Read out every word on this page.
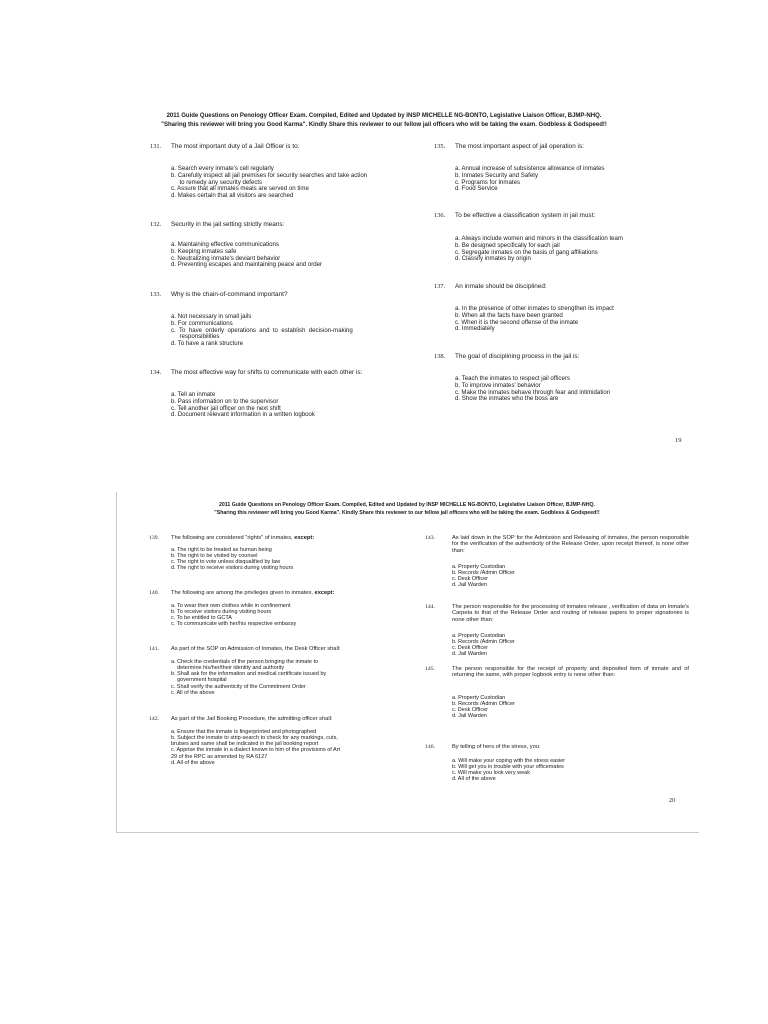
2011 Guide Questions on Penology Officer Exam. Compiled, Edited and Updated by INSP MICHELLE NG-BONTO, Legislative Liaison Officer, BJMP-NHQ.
"Sharing this reviewer will bring you Good Karma". Kindly Share this reviewer to our fellow jail officers who will be taking the exam. Godbless & Godspeed!!
131. The most important duty of a Jail Officer is to:
a. Search every inmate's cell regularly
b. Carefully inspect all jail premises for security searches and take action
to remedy any security defects
c. Assure that all inmates meals are served on time
d. Makes certain that all visitors are searched
132. Security in the jail setting strictly means:
a. Maintaining effective communications
b. Keeping inmates safe
c. Neutralizing inmate's deviant behavior
d. Preventing escapes and maintaining peace and order
133. Why is the chain-of-command important?
a. Not necessary in small jails
b. For communications
c.  To  have  orderly  operations  and  to  establish  decision-making
responsibilities
d. To have a rank structure
134. The most effective way for shifts to communicate with each other is:
a. Tell an inmate
b. Pass information on to the supervisor
c. Tell another jail officer on the next shift
d. Document relevant information in a written logbook
135. The most important aspect of jail operation is:
a. Annual increase of subsistence allowance of inmates
b. Inmates Security and Safety
c. Programs for Inmates
d. Food Service
136. To be effective a classification system in jail must:
a. Always include women and minors in the classification team
b. Be designed specifically for each jail
c. Segregate inmates on the basis of gang affiliations
d. Classify inmates by origin
137. An inmate should be disciplined:
a. In the presence of other inmates to strengthen its impact
b. When all the facts have been granted
c. When it is the second offense of the inmate
d. Immediately
138. The goal of disciplining process in the jail is:
a. Teach the inmates to respect jail officers
b. To improve inmates' behavior
c. Make the inmates behave through fear and intimidation
d. Show the inmates who the boss are
19
2011 Guide Questions on Penology Officer Exam. Compiled, Edited and Updated by INSP MICHELLE NG-BONTO, Legislative Liaison Officer, BJMP-NHQ.
"Sharing this reviewer will bring you Good Karma". Kindly Share this reviewer to our fellow jail officers who will be taking the exam. Godbless & Godspeed!!
139. The following are considered "rights" of inmates, except:
a. The right to be treated as human being
b. The right to be visited by counsel
c. The right to vote unless disqualified by law
d. The right to receive visitors during visiting hours
140. The following are among the privileges given to inmates, except:
a. To wear their own clothes while in confinement
b. To receive visitors during visiting hours
c. To be entitled to GCTA
c. To communicate with her/his respective embassy
141. As part of the SOP on Admission of Inmates, the Desk Officer shall:
a. Check the credentials of the person bringing the inmate to
determine his/her/their identity and authority
b. Shall ask for the information and medical certificate issued by
government hospital
c. Shall verify the authenticity of the Commitment Order
c. All of the above
142. As part of the Jail Booking Procedure, the admitting officer shall:
a. Ensure that the inmate is fingerprinted and photographed
b. Subject the inmate to strip-search to check for any markings, cuts,
bruises and same shall be indicated in the jail booking report
c. Apprise the inmate in a dialect known to him of the provisions of Art
29 of the RPC as amended by RA 6127
d. All of the above
143.	As laid down in the SOP for the Admission and Releasing of inmates, the person responsible for the verification of the authenticity of the Release Order, upon receipt thereof, is none other than:
a. Property Custodian
b. Records /Admin Officer
c. Desk Officer
d. Jail Warden
144.	The person responsible for the processing of inmates release , verification of data on Inmate's Carpeta to that of the Release Order and routing of release papers to proper signatories is none other than:
a. Property Custodian
b. Records /Admin Officer
c. Desk Officer
d. Jail Warden
145.	The person responsible for the receipt of property and deposited item of inmate and of returning the same, with proper logbook entry is none other than:
a. Property Custodian
b. Records /Admin Officer
c. Desk Officer
d. Jail Warden
146.	By telling of hers of the stress, you:
a. Will make your coping with the stress easier
b. Will get you in trouble with your officemates
c. Will make you look very weak
d. All of the above
20
